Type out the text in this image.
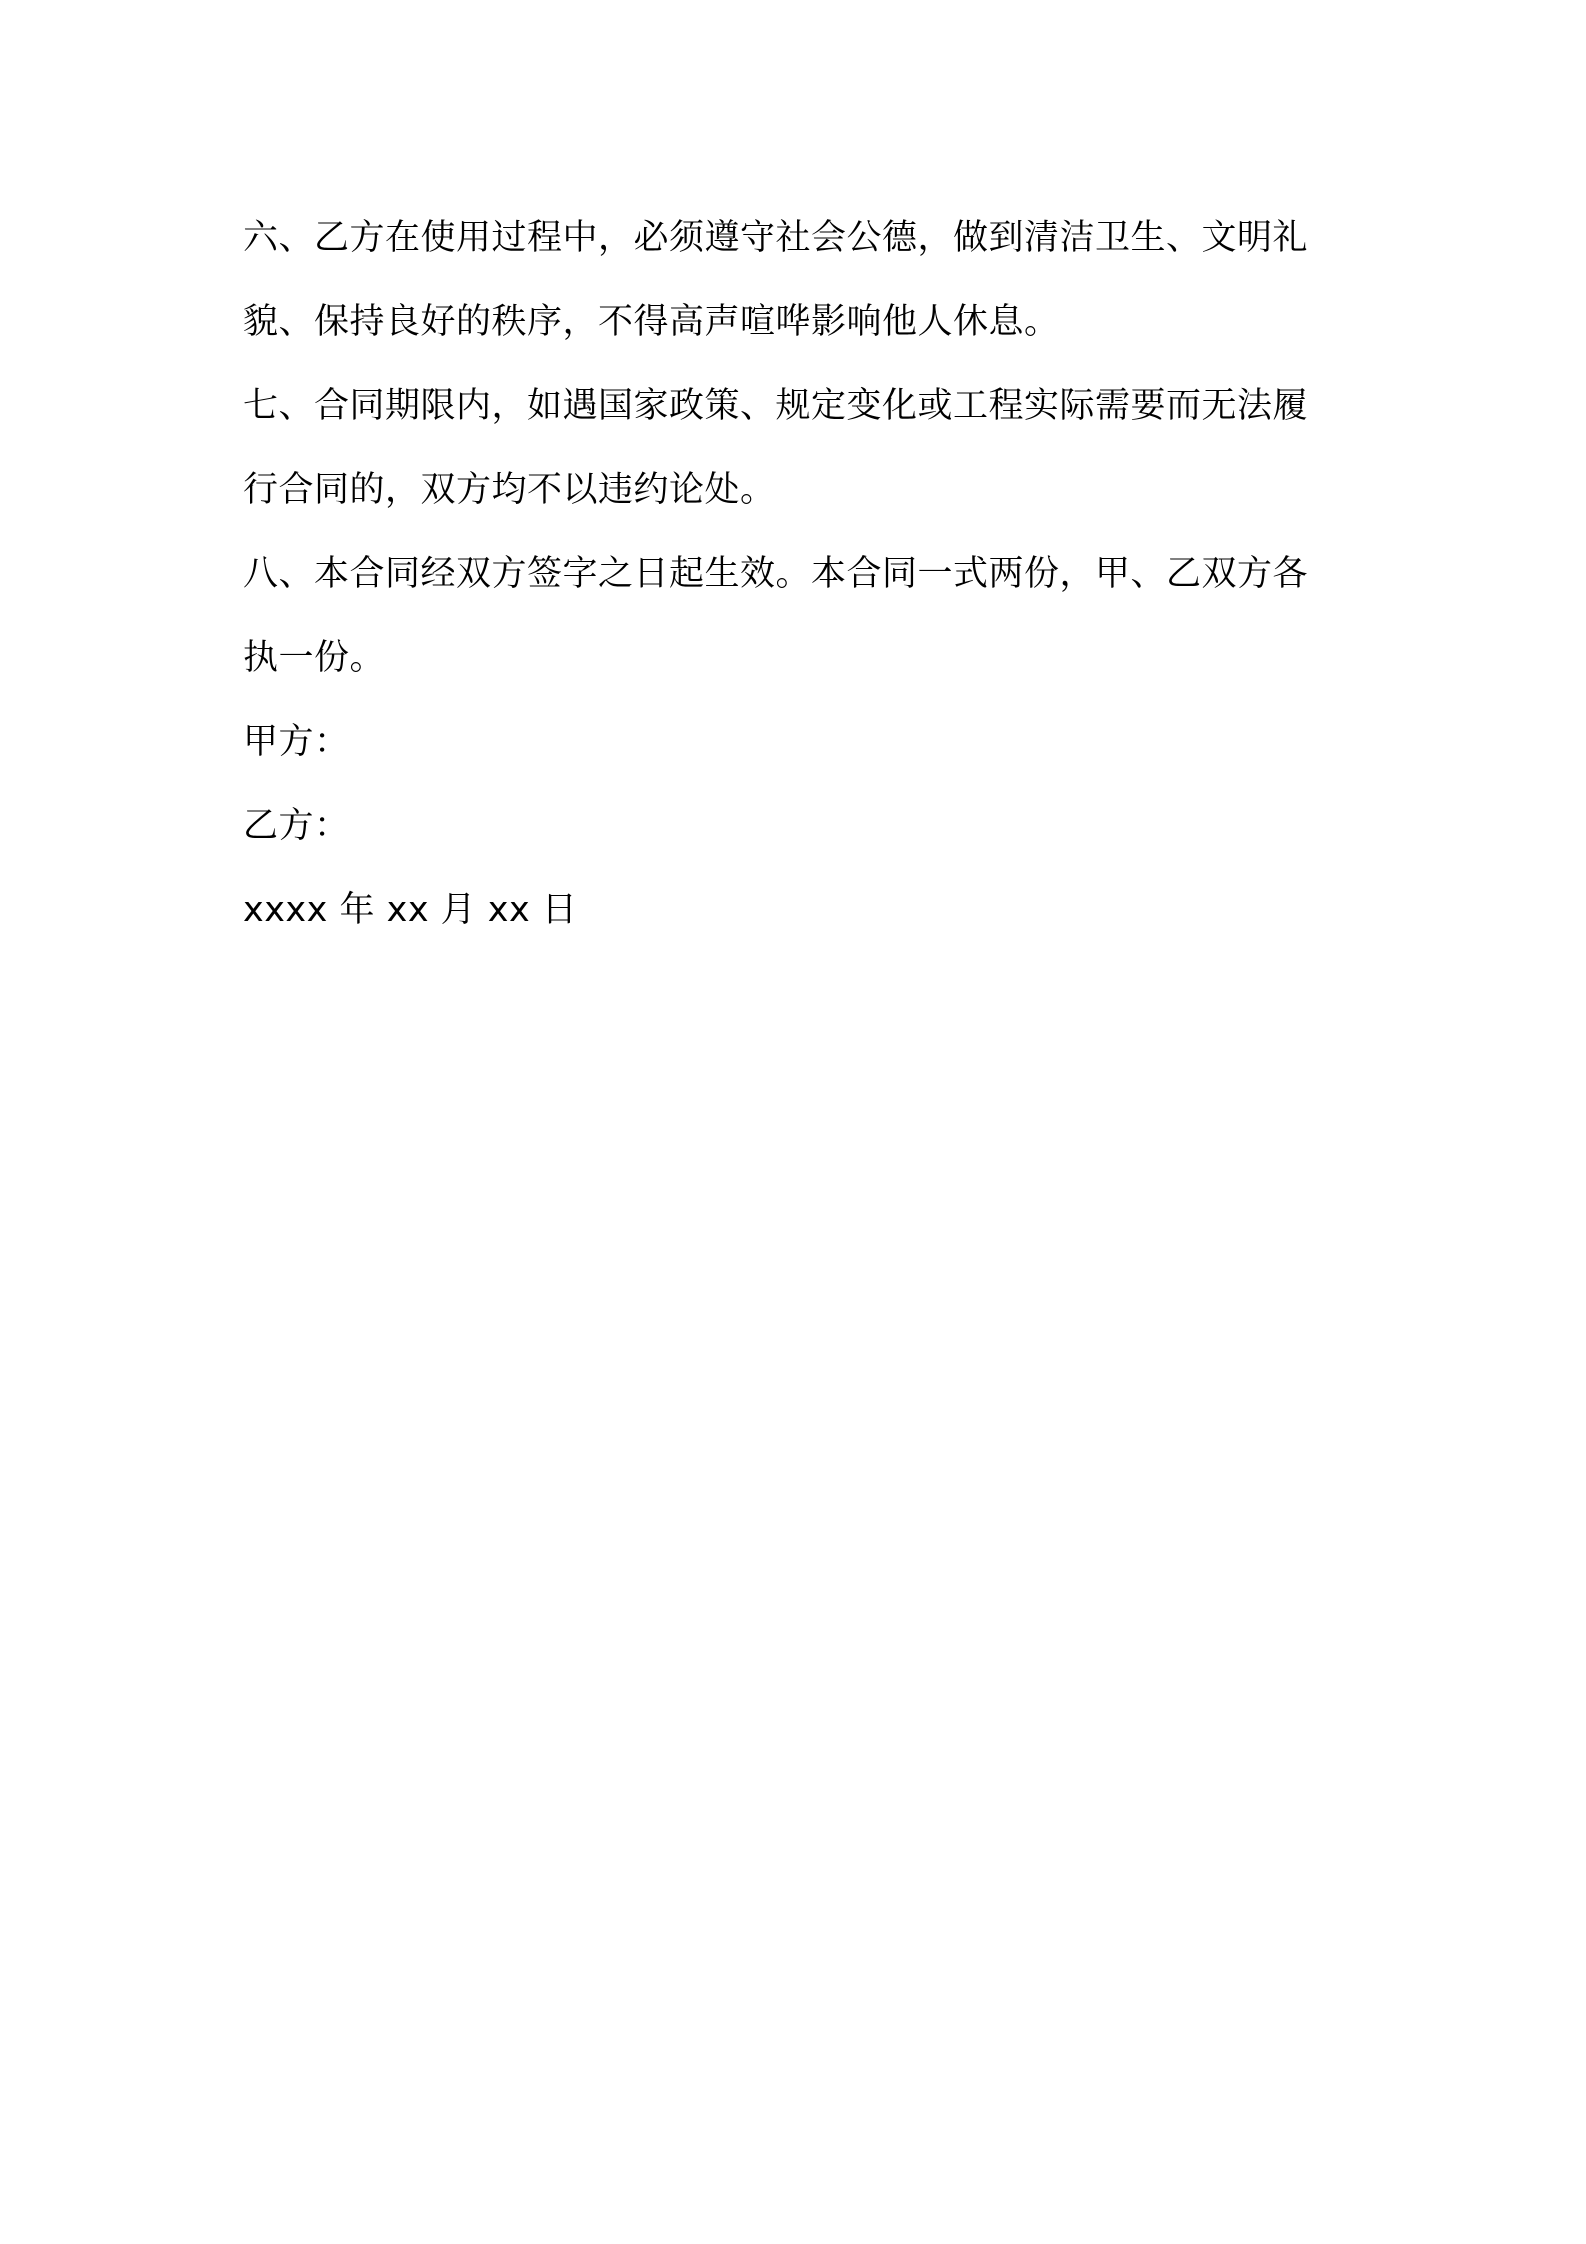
六、乙方在使用过程中，必须遵守社会公德，做到清洁卫生、文明礼
貌、保持良好的秩序，不得高声喧哗影响他人休息。
七、合同期限内，如遇国家政策、规定变化或工程实际需要而无法履
行合同的，双方均不以违约论处。
八、本合同经双方签字之日起生效。本合同一式两份，甲、乙双方各
执一份。
甲方：
乙方：
xxxx 年 xx 月 xx 日
